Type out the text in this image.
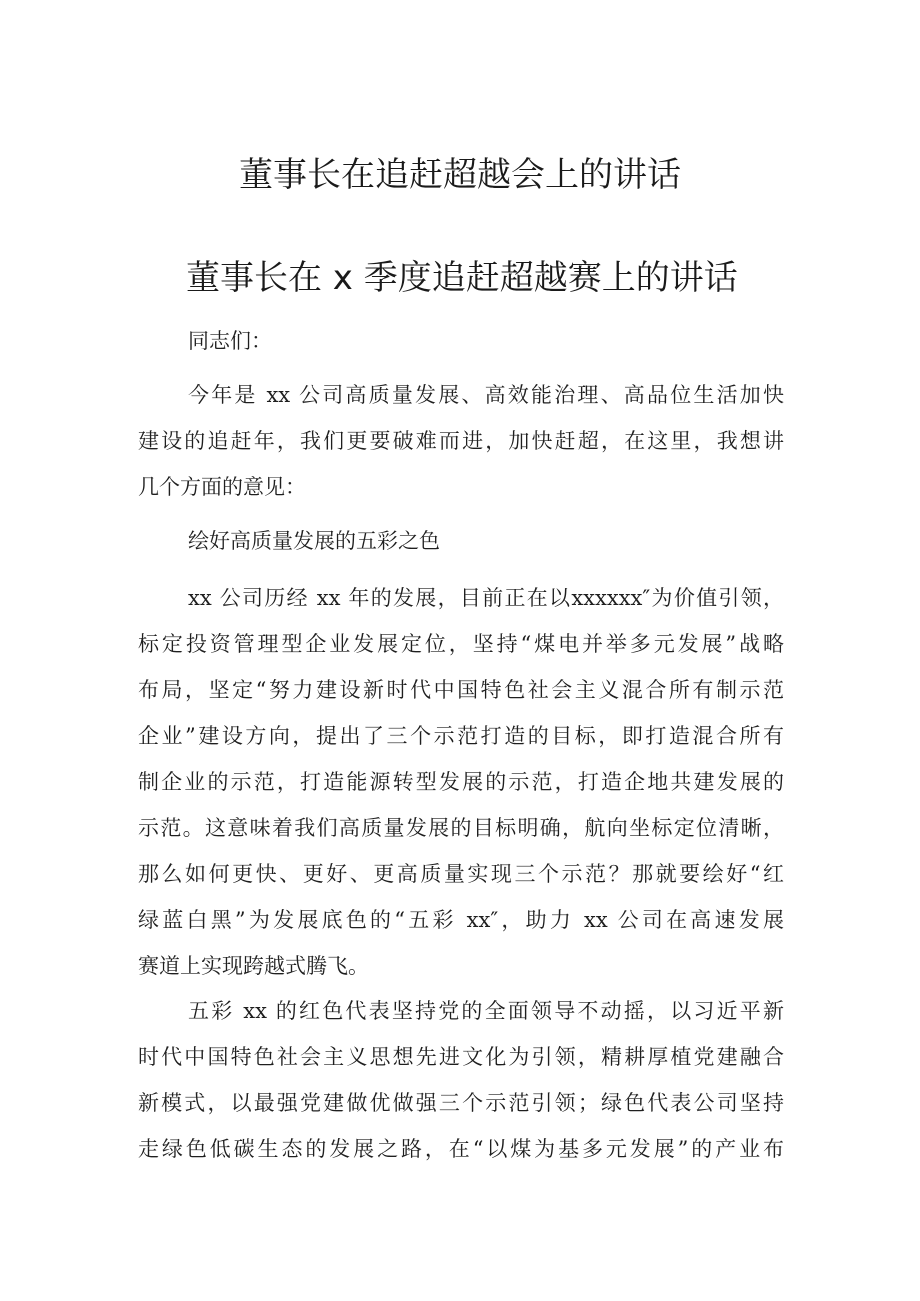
董事长在追赶超越会上的讲话
董事长在 x 季度追赶超越赛上的讲话
同志们：
今年是 xx 公司高质量发展、高效能治理、高品位生活加快
建设的追赶年，我们更要破难而进，加快赶超，在这里，我想讲
几个方面的意见：
绘好高质量发展的五彩之色
xx 公司历经 xx 年的发展，目前正在以xxxxxx″为价值引领，
标定投资管理型企业发展定位，坚持“煤电并举多元发展”战略
布局，坚定“努力建设新时代中国特色社会主义混合所有制示范
企业”建设方向，提出了三个示范打造的目标，即打造混合所有
制企业的示范，打造能源转型发展的示范，打造企地共建发展的
示范。这意味着我们高质量发展的目标明确，航向坐标定位清晰，
那么如何更快、更好、更高质量实现三个示范？那就要绘好“红
绿蓝白黑”为发展底色的“五彩 xx″，助力 xx 公司在高速发展
赛道上实现跨越式腾飞。
五彩 xx 的红色代表坚持党的全面领导不动摇，以习近平新
时代中国特色社会主义思想先进文化为引领，精耕厚植党建融合
新模式，以最强党建做优做强三个示范引领；绿色代表公司坚持
走绿色低碳生态的发展之路，在“以煤为基多元发展”的产业布
